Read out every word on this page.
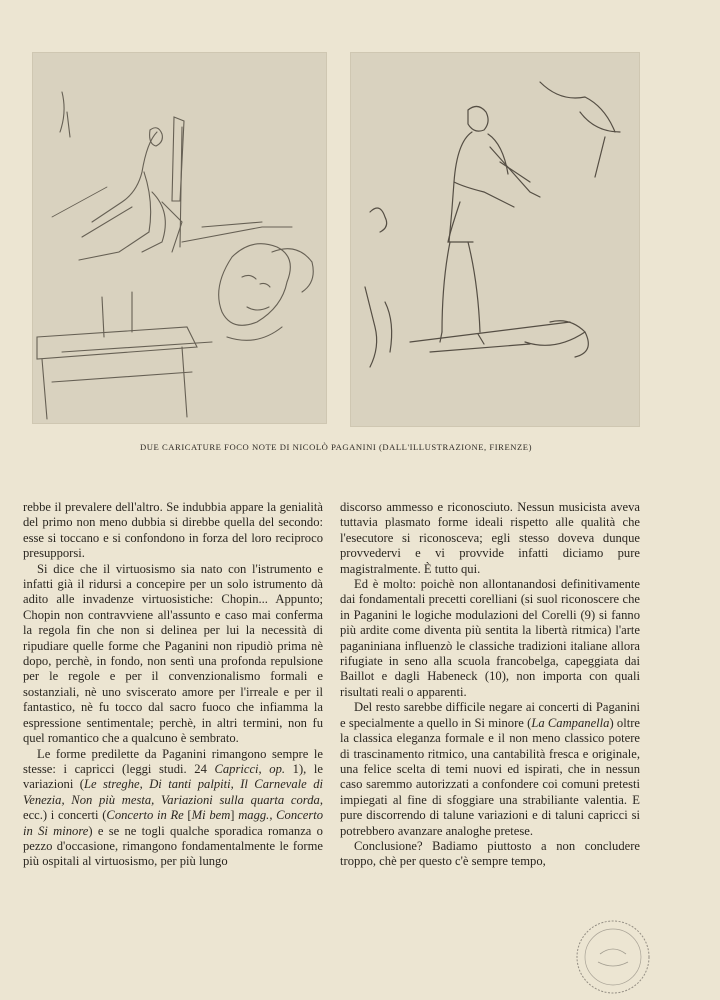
DUE CARICATURE FOCO NOTE DI NICOLÒ PAGANINI (DALL'ILLUSTRAZIONE, FIRENZE)

rebbe il prevalere dell'altro. Se indubbia appare la genialità del primo non meno dubbia si direbbe quella del secondo: esse si toccano e si confondono in forza del loro reciproco presupporsi.

Si dice che il virtuosismo sia nato con l'istrumento e infatti già il ridursi a concepire per un solo istrumento dà adito alle invadenze virtuosistiche: Chopin... Appunto; Chopin non contravviene all'assunto e caso mai conferma la regola fin che non si delinea per lui la necessità di ripudiare quelle forme che Paganini non ripudiò prima nè dopo, perchè, in fondo, non sentì una profonda repulsione per le regole e per il convenzionalismo formali e sostanziali, nè uno sviscerato amore per l'irreale e per il fantastico, nè fu tocco dal sacro fuoco che infiamma la espressione sentimentale; perchè, in altri termini, non fu quel romantico che a qualcuno è sembrato.

Le forme predilette da Paganini rimangono sempre le stesse: i capricci (leggi studi. 24 Capricci, op. 1), le variazioni (Le streghe, Di tanti palpiti, Il Carnevale di Venezia, Non più mesta, Variazioni sulla quarta corda, ecc.) i concerti (Concerto in Re [Mi bem] magg., Concerto in Si minore) e se ne togli qualche sporadica romanza o pezzo d'occasione, rimangono fondamentalmente le forme più ospitali al virtuosismo, per più lungo

discorso ammesso e riconosciuto. Nessun musicista aveva tuttavia plasmato forme ideali rispetto alle qualità che l'esecutore si riconosceva; egli stesso doveva dunque provvedervi e vi provvide infatti diciamo pure magistralmente. È tutto qui.

Ed è molto: poichè non allontanandosi definitivamente dai fondamentali precetti corelliani (si suol riconoscere che in Paganini le logiche modulazioni del Corelli (9) si fanno più ardite come diventa più sentita la libertà ritmica) l'arte paganiniana influenzò le classiche tradizioni italiane allora rifugiate in seno alla scuola francobelga, capeggiata dai Baillot e dagli Habeneck (10), non importa con quali risultati reali o apparenti.

Del resto sarebbe difficile negare ai concerti di Paganini e specialmente a quello in Si minore (La Campanella) oltre la classica eleganza formale e il non meno classico potere di trascinamento ritmico, una cantabilità fresca e originale, una felice scelta di temi nuovi ed ispirati, che in nessun caso saremmo autorizzati a confondere coi comuni pretesti impiegati al fine di sfoggiare una strabiliante valentia. E pure discorrendo di talune variazioni e di taluni capricci si potrebbero avanzare analoghe pretese.

Conclusione? Badiamo piuttosto a non concludere troppo, chè per questo c'è sempre tempo,
